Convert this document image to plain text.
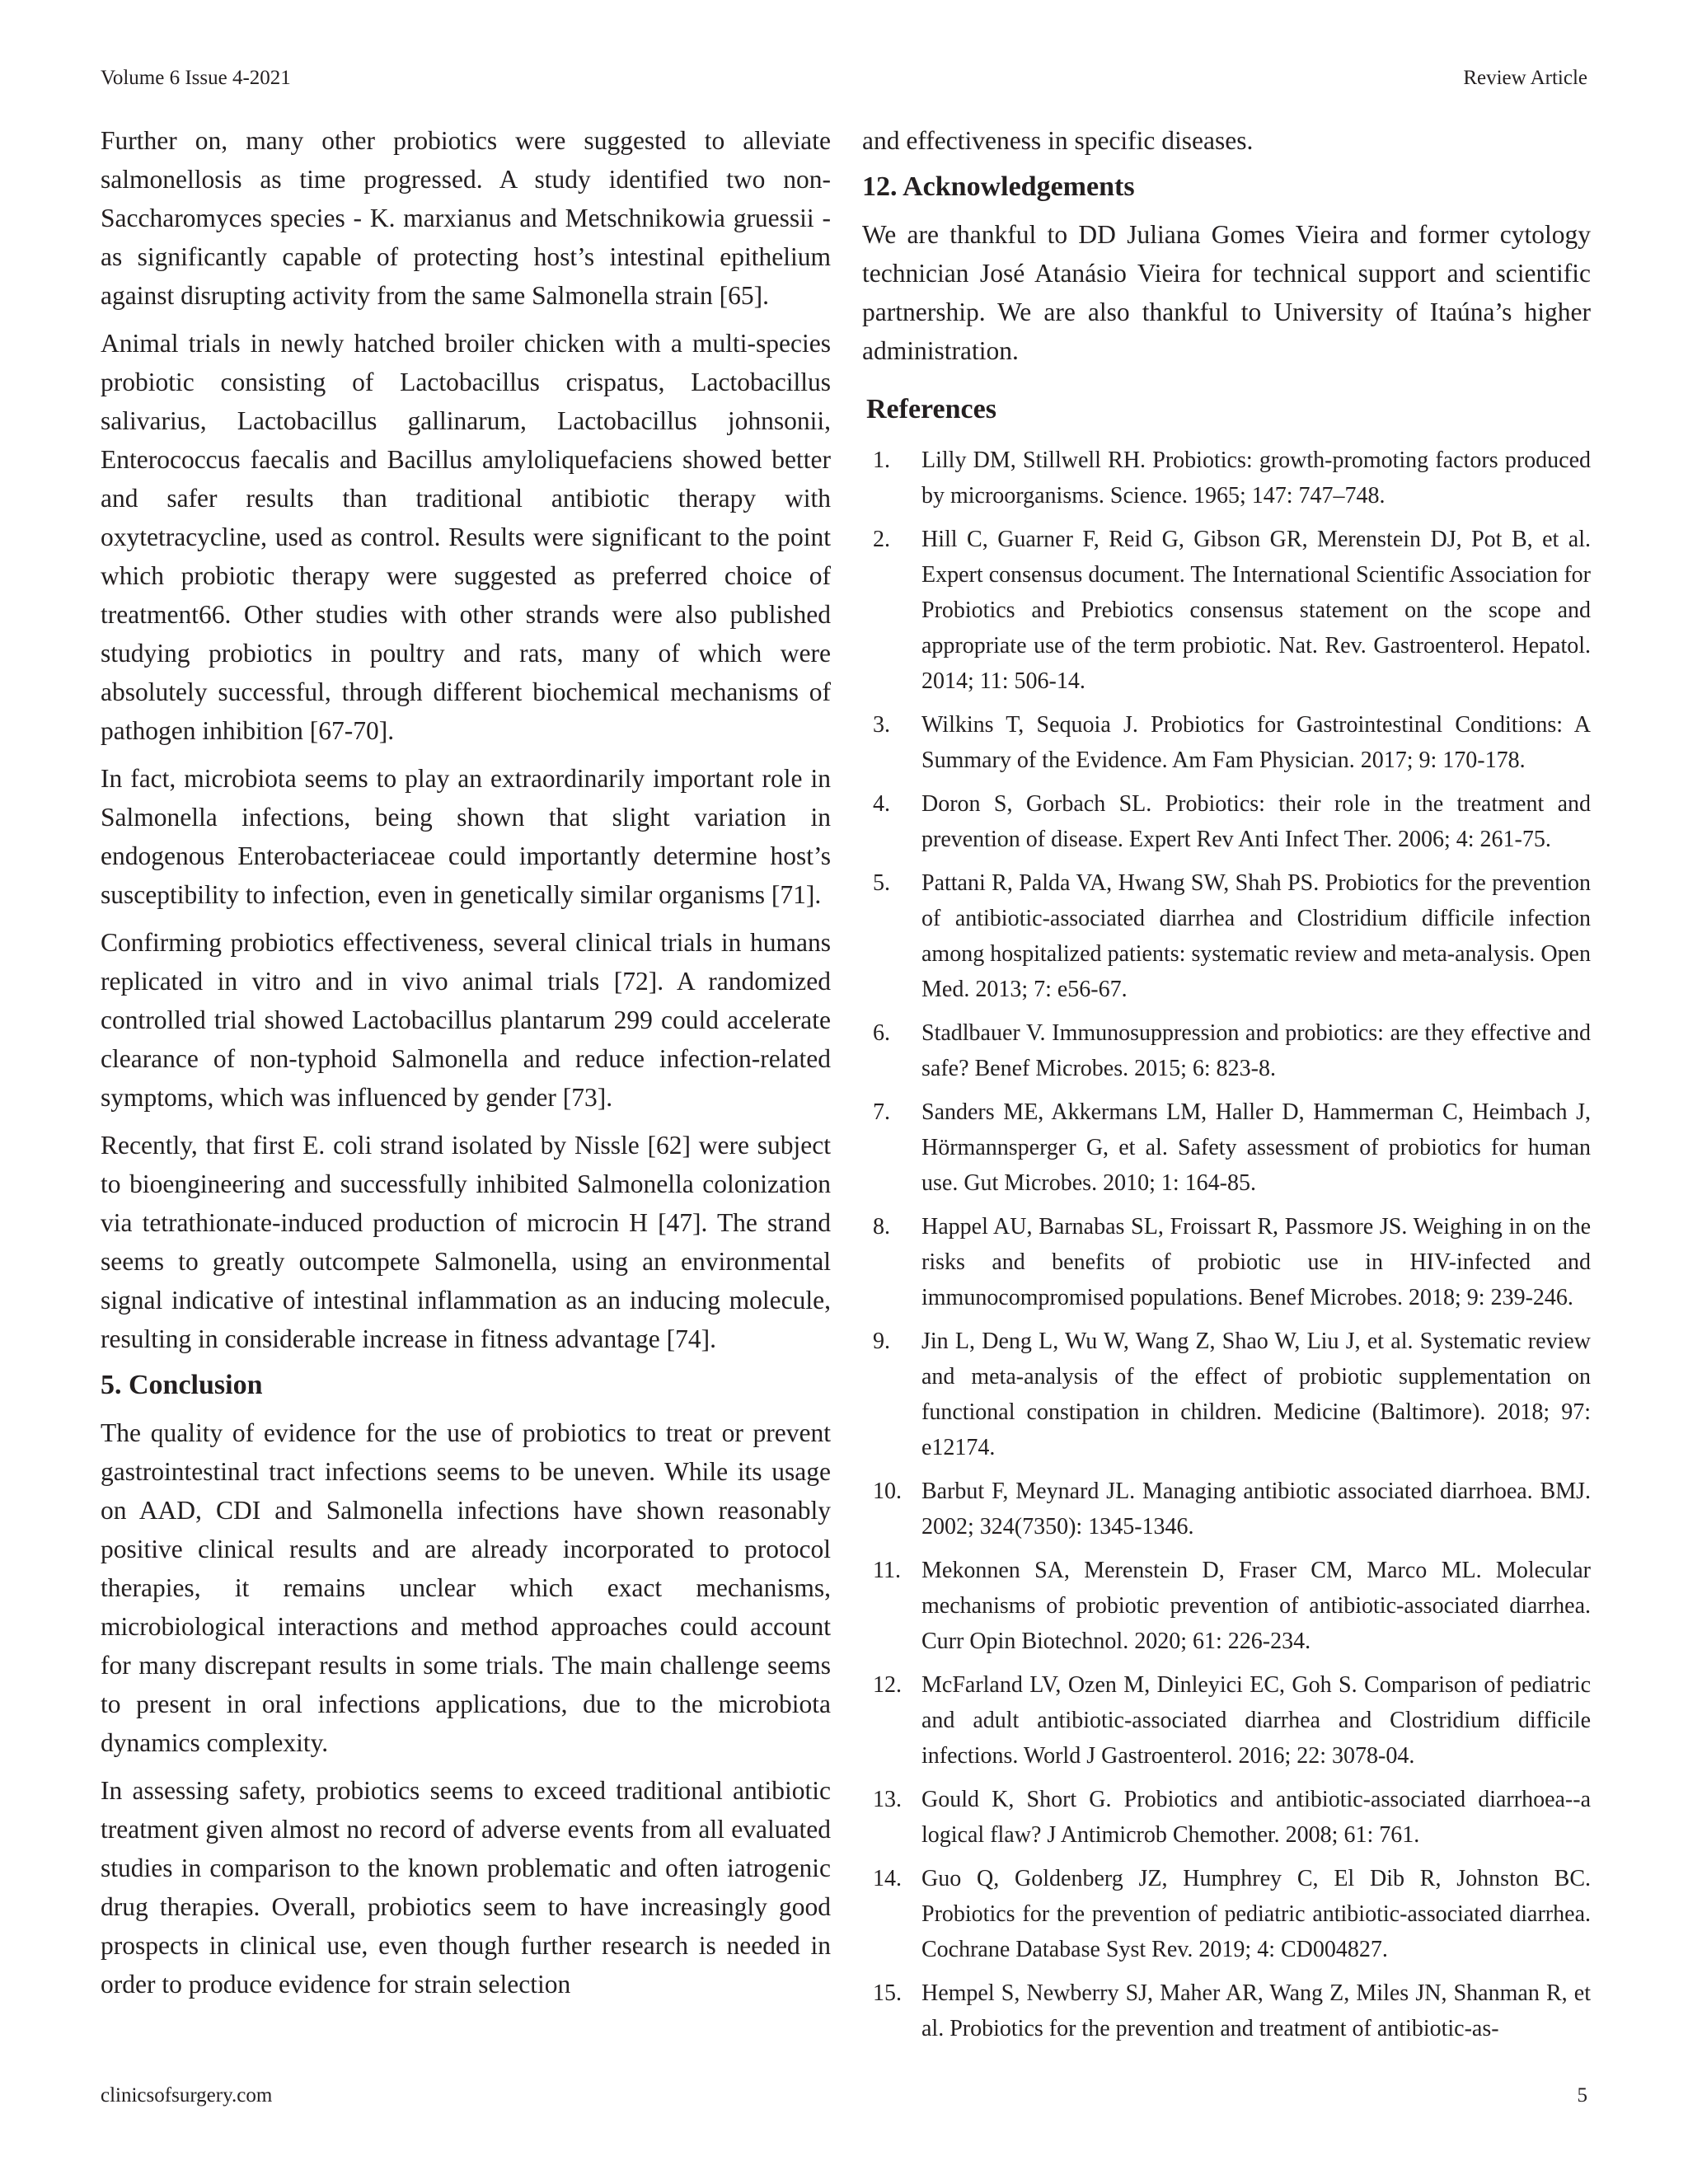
Volume 6 Issue 4-2021	Review Article

Further on, many other probiotics were suggested to alleviate salmonellosis as time progressed. A study identified two non-Saccharomyces species - K. marxianus and Metschnikowia gruessii - as significantly capable of protecting host’s intestinal epithelium against disrupting activity from the same Salmonella strain [65].

Animal trials in newly hatched broiler chicken with a multi-species probiotic consisting of Lactobacillus crispatus, Lactobacillus salivarius, Lactobacillus gallinarum, Lactobacillus johnsonii, Enterococcus faecalis and Bacillus amyloliquefaciens showed better and safer results than traditional antibiotic therapy with oxytetracycline, used as control. Results were significant to the point which probiotic therapy were suggested as preferred choice of treatment66. Other studies with other strands were also published studying probiotics in poultry and rats, many of which were absolutely successful, through different biochemical mechanisms of pathogen inhibition [67-70].

In fact, microbiota seems to play an extraordinarily important role in Salmonella infections, being shown that slight variation in endogenous Enterobacteriaceae could importantly determine host’s susceptibility to infection, even in genetically similar organisms [71].

Confirming probiotics effectiveness, several clinical trials in humans replicated in vitro and in vivo animal trials [72]. A randomized controlled trial showed Lactobacillus plantarum 299 could accelerate clearance of non-typhoid Salmonella and reduce infection-related symptoms, which was influenced by gender [73].

Recently, that first E. coli strand isolated by Nissle [62] were subject to bioengineering and successfully inhibited Salmonella colonization via tetrathionate-induced production of microcin H [47]. The strand seems to greatly outcompete Salmonella, using an environmental signal indicative of intestinal inflammation as an inducing molecule, resulting in considerable increase in fitness advantage [74].

5. Conclusion

The quality of evidence for the use of probiotics to treat or prevent gastrointestinal tract infections seems to be uneven. While its usage on AAD, CDI and Salmonella infections have shown reasonably positive clinical results and are already incorporated to protocol therapies, it remains unclear which exact mechanisms, microbiological interactions and method approaches could account for many discrepant results in some trials. The main challenge seems to present in oral infections applications, due to the microbiota dynamics complexity.

In assessing safety, probiotics seems to exceed traditional antibiotic treatment given almost no record of adverse events from all evaluated studies in comparison to the known problematic and often iatrogenic drug therapies. Overall, probiotics seem to have increasingly good prospects in clinical use, even though further research is needed in order to produce evidence for strain selection

and effectiveness in specific diseases.

12. Acknowledgements

We are thankful to DD Juliana Gomes Vieira and former cytology technician José Atanásio Vieira for technical support and scientific partnership. We are also thankful to University of Itaúna’s higher administration.

References
1. Lilly DM, Stillwell RH. Probiotics: growth-promoting factors produced by microorganisms. Science. 1965; 147: 747–748.
2. Hill C, Guarner F, Reid G, Gibson GR, Merenstein DJ, Pot B, et al. Expert consensus document. The International Scientific Association for Probiotics and Prebiotics consensus statement on the scope and appropriate use of the term probiotic. Nat. Rev. Gastroenterol. Hepatol. 2014; 11: 506-14.
3. Wilkins T, Sequoia J. Probiotics for Gastrointestinal Conditions: A Summary of the Evidence. Am Fam Physician. 2017; 9: 170-178.
4. Doron S, Gorbach SL. Probiotics: their role in the treatment and prevention of disease. Expert Rev Anti Infect Ther. 2006; 4: 261-75.
5. Pattani R, Palda VA, Hwang SW, Shah PS. Probiotics for the prevention of antibiotic-associated diarrhea and Clostridium difficile infection among hospitalized patients: systematic review and meta-analysis. Open Med. 2013; 7: e56-67.
6. Stadlbauer V. Immunosuppression and probiotics: are they effective and safe? Benef Microbes. 2015; 6: 823-8.
7. Sanders ME, Akkermans LM, Haller D, Hammerman C, Heimbach J, Hörmannsperger G, et al. Safety assessment of probiotics for human use. Gut Microbes. 2010; 1: 164-85.
8. Happel AU, Barnabas SL, Froissart R, Passmore JS. Weighing in on the risks and benefits of probiotic use in HIV-infected and immunocompromised populations. Benef Microbes. 2018; 9: 239-246.
9. Jin L, Deng L, Wu W, Wang Z, Shao W, Liu J, et al. Systematic review and meta-analysis of the effect of probiotic supplementation on functional constipation in children. Medicine (Baltimore). 2018; 97: e12174.
10. Barbut F, Meynard JL. Managing antibiotic associated diarrhoea. BMJ. 2002; 324(7350): 1345-1346.
11. Mekonnen SA, Merenstein D, Fraser CM, Marco ML. Molecular mechanisms of probiotic prevention of antibiotic-associated diarrhea. Curr Opin Biotechnol. 2020; 61: 226-234.
12. McFarland LV, Ozen M, Dinleyici EC, Goh S. Comparison of pediatric and adult antibiotic-associated diarrhea and Clostridium difficile infections. World J Gastroenterol. 2016; 22: 3078-04.
13. Gould K, Short G. Probiotics and antibiotic-associated diarrhoea--a logical flaw? J Antimicrob Chemother. 2008; 61: 761.
14. Guo Q, Goldenberg JZ, Humphrey C, El Dib R, Johnston BC. Probiotics for the prevention of pediatric antibiotic-associated diarrhea. Cochrane Database Syst Rev. 2019; 4: CD004827.
15. Hempel S, Newberry SJ, Maher AR, Wang Z, Miles JN, Shanman R, et al. Probiotics for the prevention and treatment of antibiotic-as-
clinicsofsurgery.com	5
